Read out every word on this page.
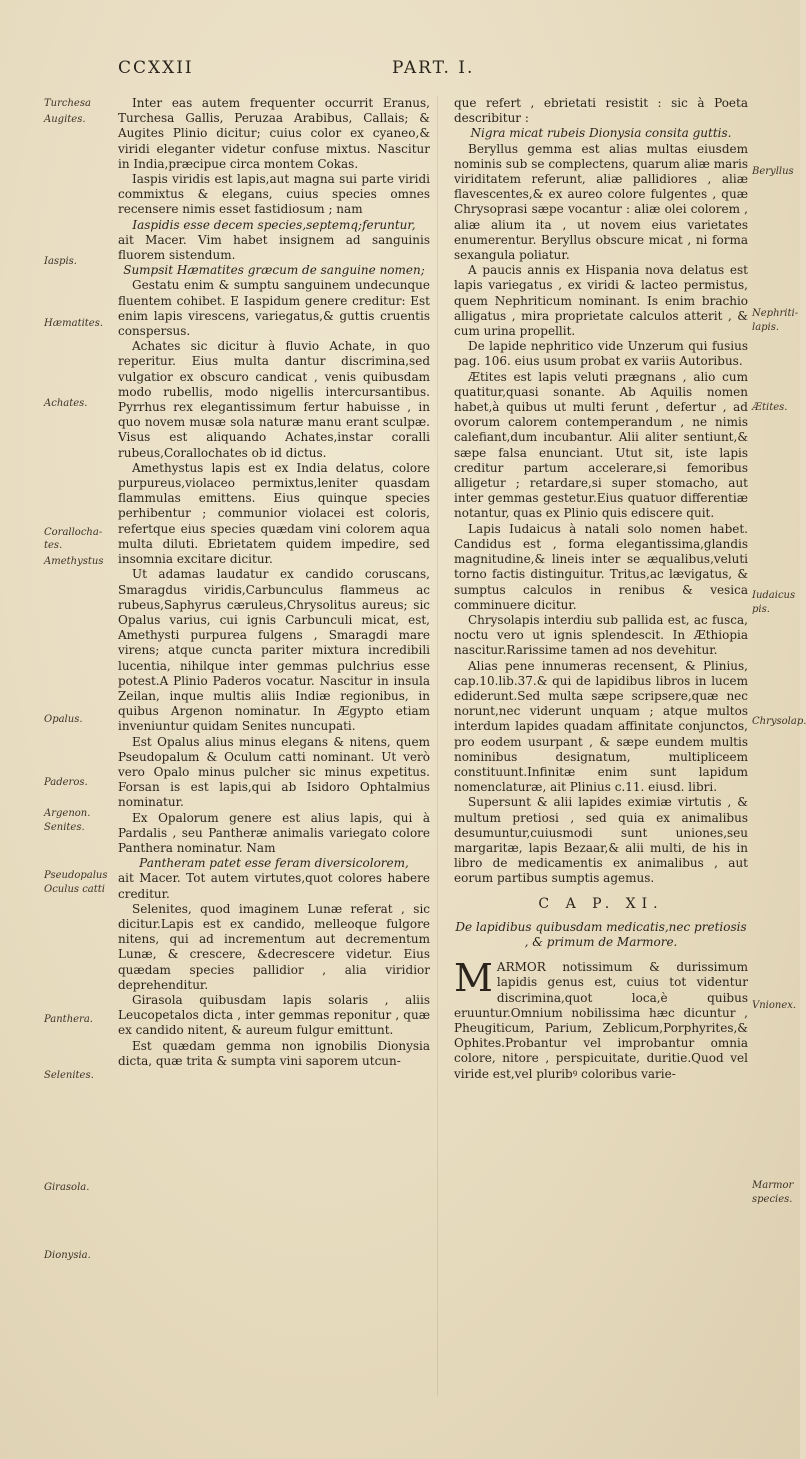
CCXXII	PART. I.

Inter eas autem frequenter occurrit Eranus, Turchesa Gallis, Peruzaa Arabibus, Callais; & Augites Plinio dicitur; cuius color ex cyaneo,& viridi eleganter videtur confuse mixtus. Nascitur in India,præcipue circa montem Cokas.

Iaspis viridis est lapis,aut magna sui parte viridi commixtus & elegans, cuius species omnes recensere nimis esset fastidiosum ; nam

Iaspidis esse decem species,septemq;feruntur,

ait Macer. Vim habet insignem ad sanguinis fluorem sistendum.

Sumpsit Hæmatites græcum de sanguine nomen;

Gestatu enim & sumptu sanguinem undecunque fluentem cohibet. E Iaspidum genere creditur: Est enim lapis virescens, variegatus,& guttis cruentis conspersus.

Achates sic dicitur à fluvio Achate, in quo reperitur. Eius multa dantur discrimina,sed vulgatior ex obscuro candicat , venis quibusdam modo rubellis, modo nigellis intercursantibus. Pyrrhus rex elegantissimum fertur habuisse , in quo novem musæ sola naturæ manu erant sculpæ. Visus est aliquando Achates,instar coralli rubeus,Corallochates ob id dictus.

Amethystus lapis est ex India delatus, colore purpureus,violaceo permixtus,leniter quasdam flammulas emittens. Eius quinque species perhibentur ; communior violacei est coloris, refertque eius species quædam vini colorem aqua multa diluti. Ebrietatem quidem impedire, sed insomnia excitare dicitur.

Ut adamas laudatur ex candido coruscans, Smaragdus viridis,Carbunculus flammeus ac rubeus,Saphyrus cæruleus,Chrysolitus aureus; sic Opalus varius, cui ignis Carbunculi micat, est, Amethysti purpurea fulgens , Smaragdi mare virens; atque cuncta pariter mixtura incredibili lucentia, nihilque inter gemmas pulchrius esse potest.A Plinio Paderos vocatur. Nascitur in insula Zeilan, inque multis aliis Indiæ regionibus, in quibus Argenon nominatur. In Ægypto etiam inveniuntur quidam Senites nuncupati.

Est Opalus alius minus elegans & nitens, quem Pseudopalum & Oculum catti nominant. Ut verò vero Opalo minus pulcher sic minus expetitus. Forsan is est lapis,qui ab Isidoro Ophtalmius nominatur.

Ex Opalorum genere est alius lapis, qui à Pardalis , seu Pantheræ animalis variegato colore Panthera nominatur. Nam

Pantheram patet esse feram diversicolorem,

ait Macer. Tot autem virtutes,quot colores habere creditur.

Selenites, quod imaginem Lunæ referat , sic dicitur.Lapis est ex candido, melleoque fulgore nitens, qui ad incrementum aut decrementum Lunæ, & crescere, &decrescere videtur. Eius quædam species pallidior , alia viridior deprehenditur.

Girasola quibusdam lapis solaris , aliis Leucopetalos dicta , inter gemmas reponitur , quæ ex candido nitent, & aureum fulgur emittunt.

Est quædam gemma non ignobilis Dionysia dicta, quæ trita & sumpta vini saporem utcun-

que refert , ebrietati resistit : sic à Poeta describitur :

Nigra micat rubeis Dionysia consita guttis.

Beryllus gemma est alias multas eiusdem nominis sub se complectens, quarum aliæ maris viriditatem referunt, aliæ pallidiores , aliæ flavescentes,& ex aureo colore fulgentes , quæ Chrysoprasi sæpe vocantur : aliæ olei colorem , aliæ alium ita , ut novem eius varietates enumerentur. Beryllus obscure micat , ni forma sexangula poliatur.

A paucis annis ex Hispania nova delatus est lapis variegatus , ex viridi & lacteo permistus, quem Nephriticum nominant. Is enim brachio alligatus , mira proprietate calculos atterit , & cum urina propellit.

De lapide nephritico vide Unzerum qui fusius pag. 106. eius usum probat ex variis Autoribus.

Ætites est lapis veluti prægnans , alio cum quatitur,quasi sonante. Ab Aquilis nomen habet,à quibus ut multi ferunt , defertur , ad ovorum calorem contemperandum , ne nimis calefiant,dum incubantur. Alii aliter sentiunt,& sæpe falsa enunciant. Utut sit, iste lapis creditur partum accelerare,si femoribus alligetur ; retardare,si super stomacho, aut inter gemmas gestetur.Eius quatuor differentiæ notantur, quas ex Plinio quis ediscere quit.

Lapis Iudaicus à natali solo nomen habet. Candidus est , forma elegantissima,glandis magnitudine,& lineis inter se æqualibus,veluti torno factis distinguitur. Tritus,ac lævigatus, & sumptus calculos in renibus & vesica comminuere dicitur.

Chrysolapis interdiu sub pallida est, ac fusca, noctu vero ut ignis splendescit. In Æthiopia nascitur.Rarissime tamen ad nos devehitur.

Alias pene innumeras recensent, & Plinius, cap.10.lib.37.& qui de lapidibus libros in lucem ediderunt.Sed multa sæpe scripsere,quæ nec norunt,nec viderunt unquam ; atque multos interdum lapides quadam affinitate conjunctos, pro eodem usurpant , & sæpe eundem multis nominibus designatum, multipliceem constituunt.Infinitæ enim sunt lapidum nomenclaturæ, ait Plinius c.11. eiusd. libri.

Supersunt & alii lapides eximiæ virtutis , & multum pretiosi , sed quia ex animalibus desumuntur,cuiusmodi sunt uniones,seu margaritæ, lapis Bezaar,& alii multi, de his in libro de medicamentis ex animalibus , aut eorum partibus sumptis agemus.

C A P. XI.

De lapidibus quibusdam medicatis,nec pretiosis , & primum de Marmore.

MARMOR notissimum & durissimum lapidis genus est, cuius tot videntur discrimina,quot loca,è quibus eruuntur.Omnium nobilissima hæc dicuntur , Pheugiticum, Parium, Zeblicum,Porphyrites,& Ophites.Probantur vel improbantur omnia colore, nitore , perspicuitate, duritie.Quod vel viride est,vel pluribꝰ coloribus varie-

Turchesa
Augites.
Iaspis.
Hæmatites.
Achates.
Corallocha-
tes.
Amethystus
Opalus.
Paderos.
Argenon.
Senites.
Pseudopalus
Oculus catti
Panthera.
Selenites.
Girasola.
Dionysia.
Beryllus
Nephriti-
lapis.
Ætites.
Iudaicus
pis.
Chrysolap.
Vnionex.
Marmor
species.
